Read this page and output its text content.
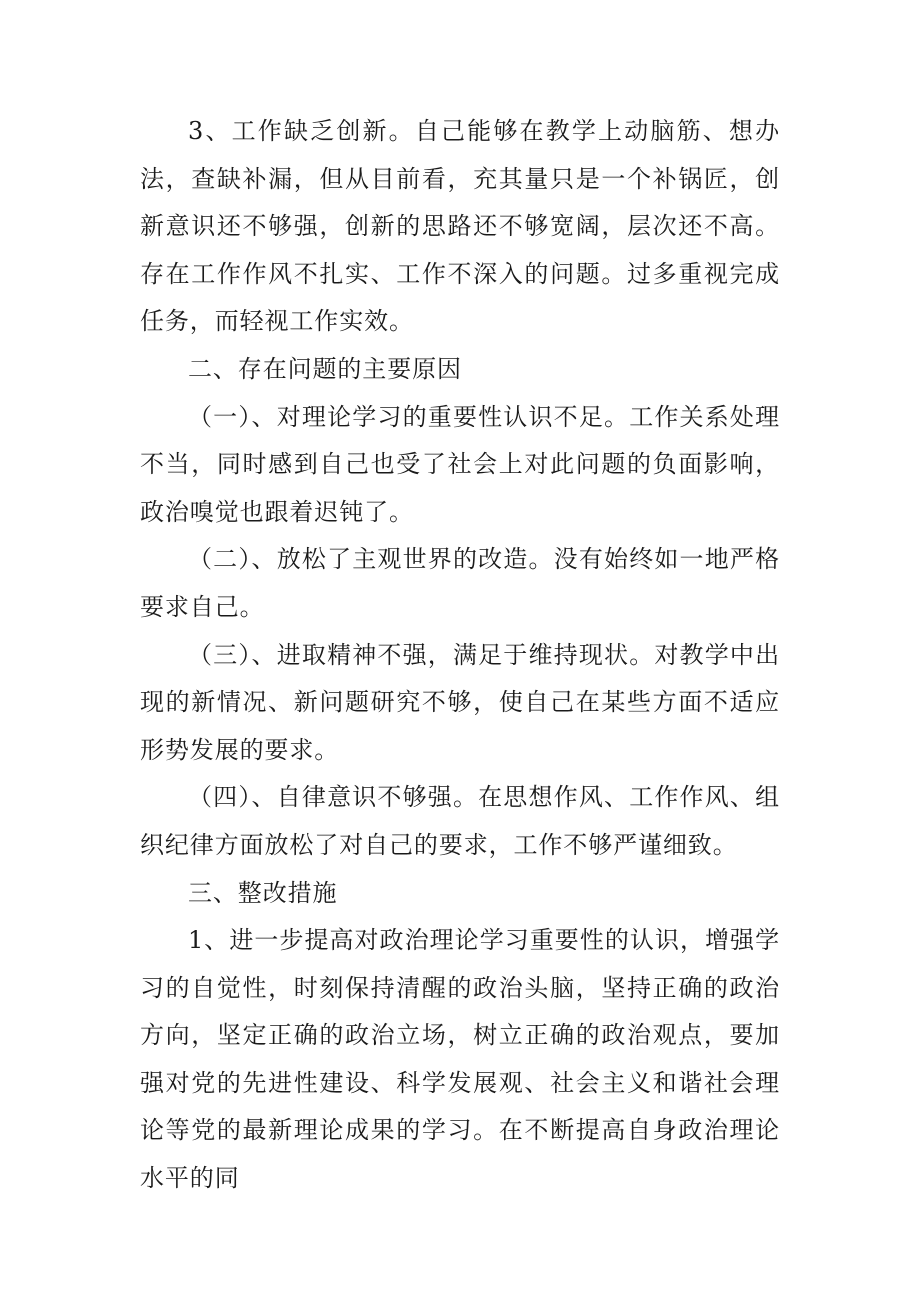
3、工作缺乏创新。自己能够在教学上动脑筋、想办法，查缺补漏，但从目前看，充其量只是一个补锅匠，创新意识还不够强，创新的思路还不够宽阔，层次还不高。存在工作作风不扎实、工作不深入的问题。过多重视完成任务，而轻视工作实效。

二、存在问题的主要原因

（一）、对理论学习的重要性认识不足。工作关系处理不当，同时感到自己也受了社会上对此问题的负面影响，政治嗅觉也跟着迟钝了。

（二）、放松了主观世界的改造。没有始终如一地严格要求自己。

（三）、进取精神不强，满足于维持现状。对教学中出现的新情况、新问题研究不够，使自己在某些方面不适应形势发展的要求。

（四）、自律意识不够强。在思想作风、工作作风、组织纪律方面放松了对自己的要求，工作不够严谨细致。

三、整改措施

1、进一步提高对政治理论学习重要性的认识，增强学习的自觉性，时刻保持清醒的政治头脑，坚持正确的政治方向，坚定正确的政治立场，树立正确的政治观点，要加强对党的先进性建设、科学发展观、社会主义和谐社会理论等党的最新理论成果的学习。在不断提高自身政治理论水平的同
